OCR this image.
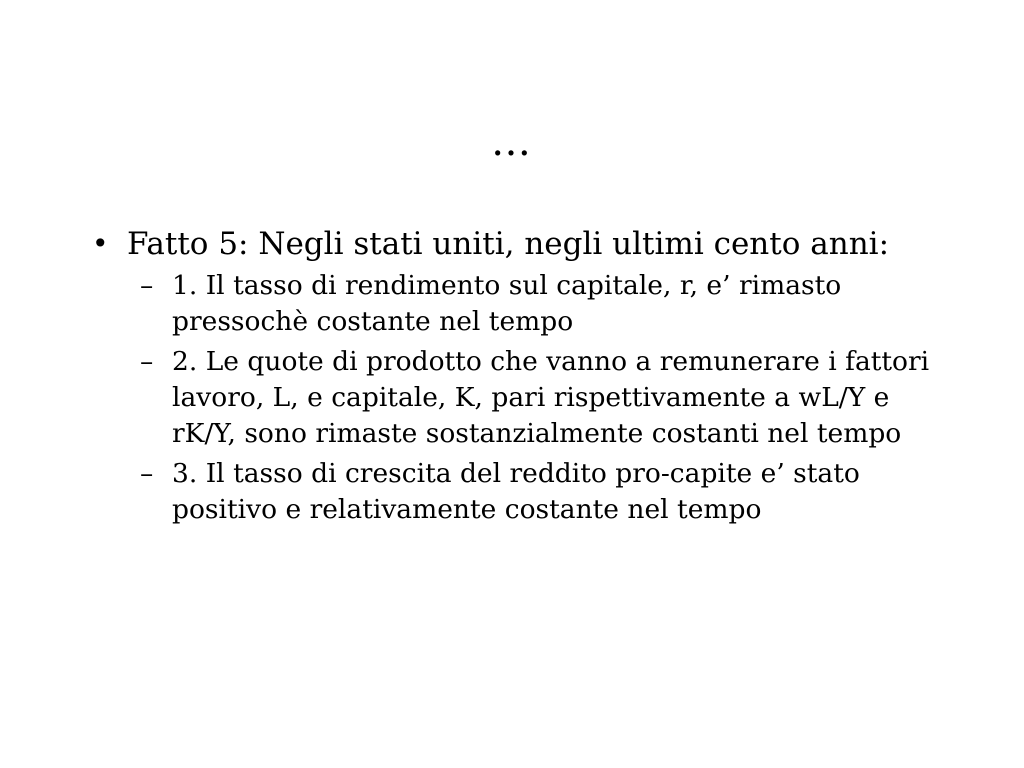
…
• Fatto 5: Negli stati uniti, negli ultimi cento anni:
– 1. Il tasso di rendimento sul capitale, r, e’ rimasto pressochè costante nel tempo
– 2. Le quote di prodotto che vanno a remunerare i fattori lavoro, L, e capitale, K, pari rispettivamente a wL/Y e rK/Y, sono rimaste sostanzialmente costanti nel tempo
– 3. Il tasso di crescita del reddito pro-capite e’ stato positivo e relativamente costante nel tempo
